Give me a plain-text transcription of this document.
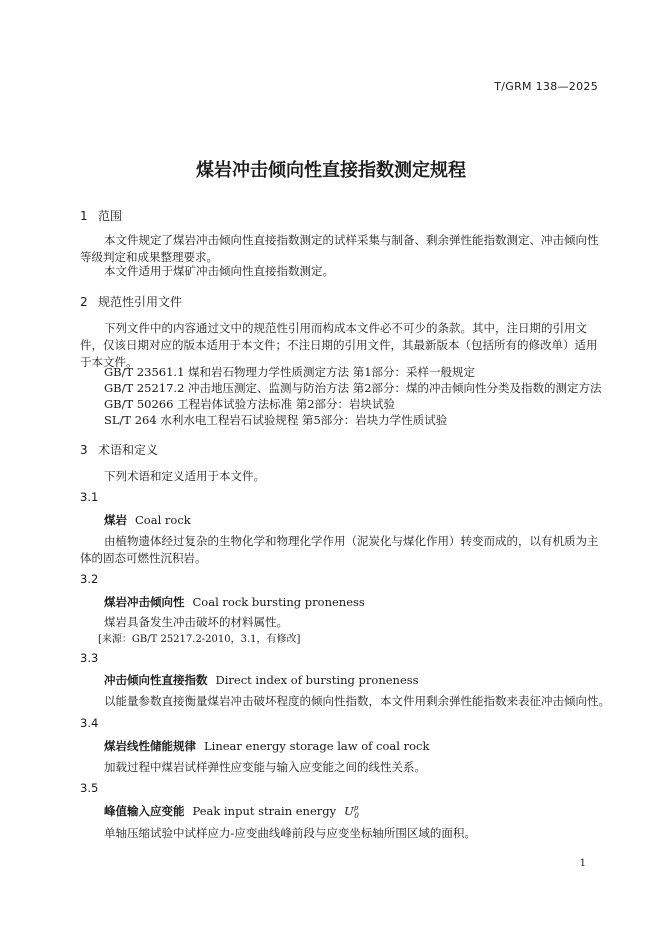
T/GRM 138—2025
煤岩冲击倾向性直接指数测定规程
1 范围
本文件规定了煤岩冲击倾向性直接指数测定的试样采集与制备、剩余弹性能指数测定、冲击倾向性等级判定和成果整理要求。
本文件适用于煤矿冲击倾向性直接指数测定。
2 规范性引用文件
下列文件中的内容通过文中的规范性引用而构成本文件必不可少的条款。其中，注日期的引用文件，仅该日期对应的版本适用于本文件；不注日期的引用文件，其最新版本（包括所有的修改单）适用于本文件。
GB/T 23561.1 煤和岩石物理力学性质测定方法 第1部分：采样一般规定
GB/T 25217.2 冲击地压测定、监测与防治方法 第2部分：煤的冲击倾向性分类及指数的测定方法
GB/T 50266 工程岩体试验方法标准 第2部分：岩块试验
SL/T 264 水利水电工程岩石试验规程 第5部分：岩块力学性质试验
3 术语和定义
下列术语和定义适用于本文件。
3.1
煤岩 Coal rock
由植物遗体经过复杂的生物化学和物理化学作用（泥炭化与煤化作用）转变而成的，以有机质为主体的固态可燃性沉积岩。
3.2
煤岩冲击倾向性 Coal rock bursting proneness
煤岩具备发生冲击破坏的材料属性。
[来源：GB/T 25217.2-2010，3.1，有修改]
3.3
冲击倾向性直接指数 Direct index of bursting proneness
以能量参数直接衡量煤岩冲击破坏程度的倾向性指数，本文件用剩余弹性能指数来表征冲击倾向性。
3.4
煤岩线性储能规律 Linear energy storage law of coal rock
加载过程中煤岩试样弹性应变能与输入应变能之间的线性关系。
3.5
峰值输入应变能 Peak input strain energy $U^p_0$
单轴压缩试验中试样应力-应变曲线峰前段与应变坐标轴所围区域的面积。
1
